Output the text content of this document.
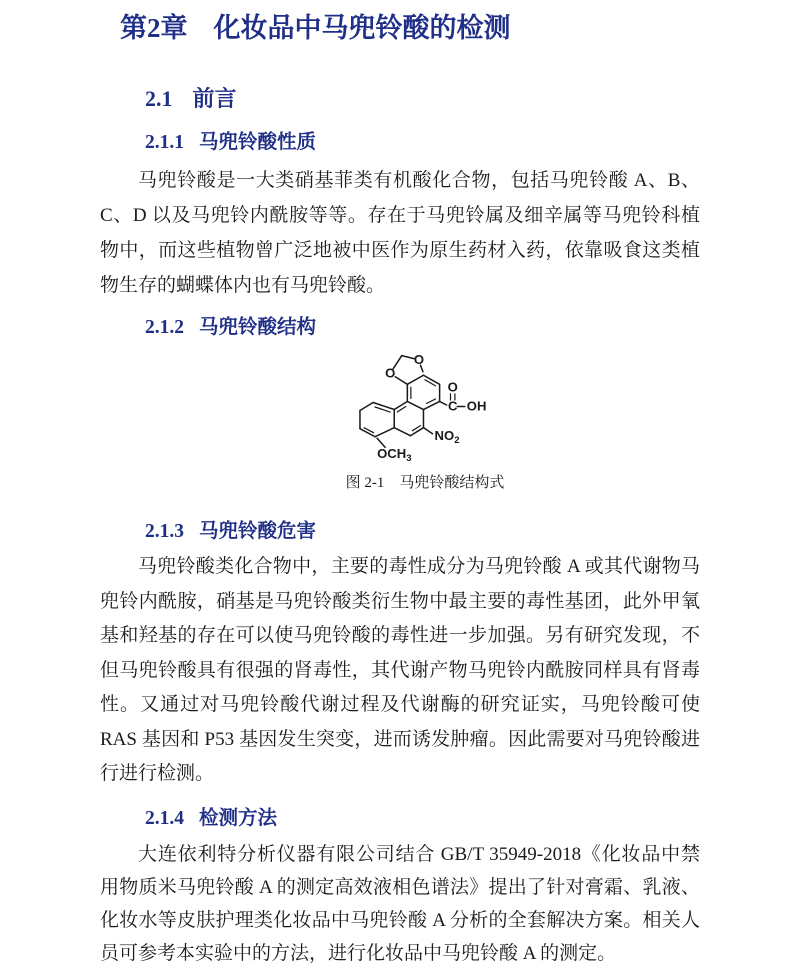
第2章 化妆品中马兜铃酸的检测
2.1 前言
2.1.1 马兜铃酸性质

马兜铃酸是一大类硝基菲类有机酸化合物，包括马兜铃酸 A、B、C、D 以及马兜铃内酰胺等等。存在于马兜铃属及细辛属等马兜铃科植物中，而这些植物曾广泛地被中医作为原生药材入药，依靠吸食这类植物生存的蝴蝶体内也有马兜铃酸。

2.1.2 马兜铃酸结构
O
O
O
C OH
$NO_2$
$OCH_3$
图 2-1　马兜铃酸结构式
2.1.3 马兜铃酸危害

马兜铃酸类化合物中，主要的毒性成分为马兜铃酸 A 或其代谢物马兜铃内酰胺，硝基是马兜铃酸类衍生物中最主要的毒性基团，此外甲氧基和羟基的存在可以使马兜铃酸的毒性进一步加强。另有研究发现，不但马兜铃酸具有很强的肾毒性，其代谢产物马兜铃内酰胺同样具有肾毒性。又通过对马兜铃酸代谢过程及代谢酶的研究证实，马兜铃酸可使 RAS 基因和 P53 基因发生突变，进而诱发肿瘤。因此需要对马兜铃酸进行进行检测。

2.1.4 检测方法

大连依利特分析仪器有限公司结合 GB/T 35949-2018《化妆品中禁用物质米马兜铃酸 A 的测定高效液相色谱法》提出了针对膏霜、乳液、化妆水等皮肤护理类化妆品中马兜铃酸 A 分析的全套解决方案。相关人员可参考本实验中的方法，进行化妆品中马兜铃酸 A 的测定。
